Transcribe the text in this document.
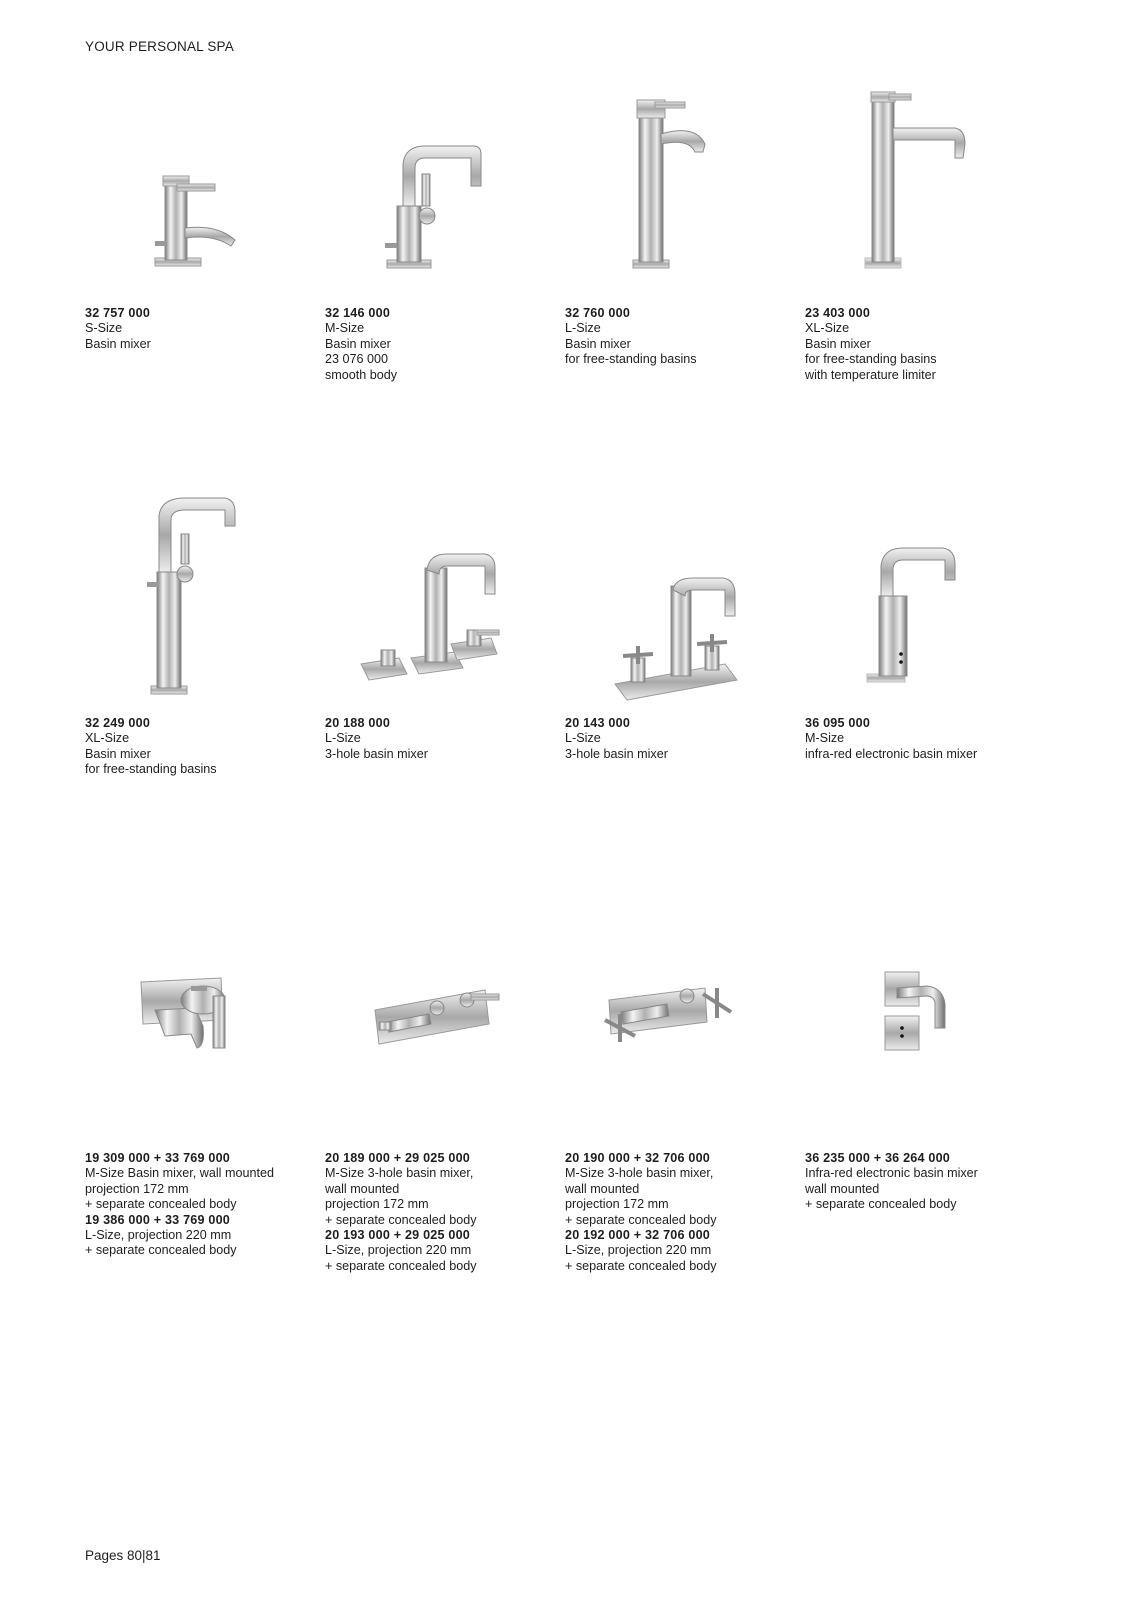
YOUR PERSONAL SPA
32 757 000
S-Size
Basin mixer
32 146 000
M-Size
Basin mixer
23 076 000
smooth body
32 760 000
L-Size
Basin mixer
for free-standing basins
23 403 000
XL-Size
Basin mixer
for free-standing basins
with temperature limiter
32 249 000
XL-Size
Basin mixer
for free-standing basins
20 188 000
L-Size
3-hole basin mixer
20 143 000
L-Size
3-hole basin mixer
36 095 000
M-Size
infra-red electronic basin mixer
19 309 000 + 33 769 000
M-Size Basin mixer, wall mounted
projection 172 mm
+ separate concealed body
19 386 000 + 33 769 000
L-Size, projection 220 mm
+ separate concealed body
20 189 000 + 29 025 000
M-Size 3-hole basin mixer,
wall mounted
projection 172 mm
+ separate concealed body
20 193 000 + 29 025 000
L-Size, projection 220 mm
+ separate concealed body
20 190 000 + 32 706 000
M-Size 3-hole basin mixer,
wall mounted
projection 172 mm
+ separate concealed body
20 192 000 + 32 706 000
L-Size, projection 220 mm
+ separate concealed body
36 235 000 + 36 264 000
Infra-red electronic basin mixer
wall mounted
+ separate concealed body
Pages 80|81
